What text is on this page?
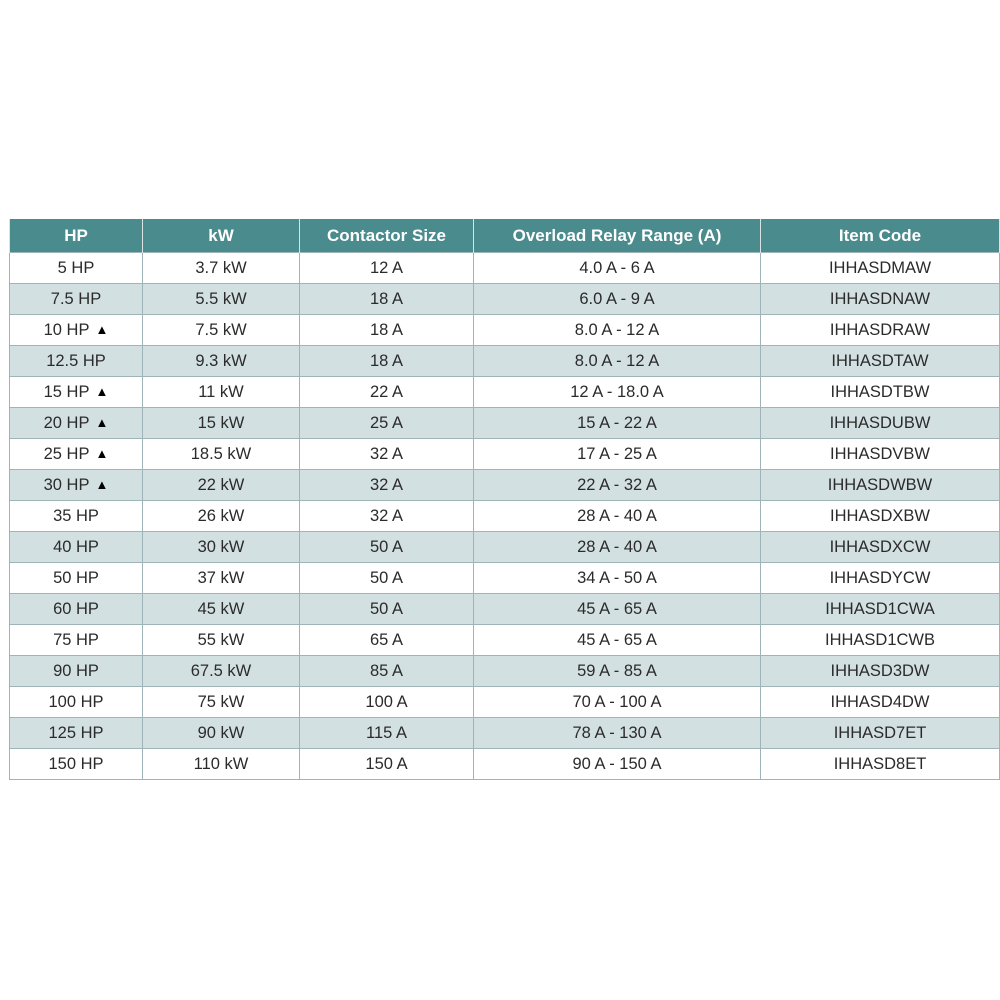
HP	kW	Contactor Size	Overload Relay Range (A)	Item Code
5 HP	3.7 kW	12 A	4.0 A - 6 A	IHHASDMAW
7.5 HP	5.5 kW	18 A	6.0 A - 9 A	IHHASDNAW
10 HP ▲	7.5 kW	18 A	8.0 A - 12 A	IHHASDRAW
12.5 HP	9.3 kW	18 A	8.0 A - 12 A	IHHASDTAW
15 HP ▲	11 kW	22 A	12 A - 18.0 A	IHHASDTBW
20 HP ▲	15 kW	25 A	15 A - 22 A	IHHASDUBW
25 HP ▲	18.5 kW	32 A	17 A - 25 A	IHHASDVBW
30 HP ▲	22 kW	32 A	22 A - 32 A	IHHASDWBW
35 HP	26 kW	32 A	28 A - 40 A	IHHASDXBW
40 HP	30 kW	50 A	28 A - 40 A	IHHASDXCW
50 HP	37 kW	50 A	34 A - 50 A	IHHASDYCW
60 HP	45 kW	50 A	45 A - 65 A	IHHASD1CWA
75 HP	55 kW	65 A	45 A - 65 A	IHHASD1CWB
90 HP	67.5 kW	85 A	59 A - 85 A	IHHASD3DW
100 HP	75 kW	100 A	70 A - 100 A	IHHASD4DW
125 HP	90 kW	115 A	78 A - 130 A	IHHASD7ET
150 HP	110 kW	150 A	90 A - 150 A	IHHASD8ET
